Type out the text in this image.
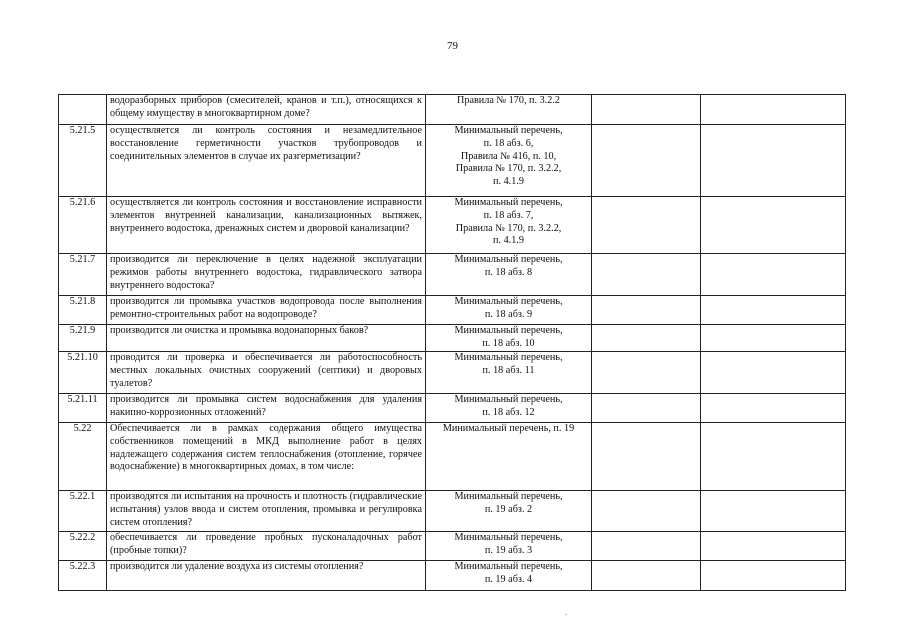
79
	водоразборных приборов (смесителей, кранов и т.п.), относящихся к общему имуществу в многоквартирном доме?	Правила № 170, п. 3.2.2		
5.21.5	осуществляется ли контроль состояния и незамедлительное восстановление герметичности участков трубопроводов и соединительных элементов в случае их разгерметизации?	Минимальный перечень,
п. 18 абз. 6,
Правила № 416, п. 10,
Правила № 170, п. 3.2.2,
п. 4.1.9		
5.21.6	осуществляется ли контроль состояния и восстановление исправности элементов внутренней канализации, канализационных вытяжек, внутреннего водостока, дренажных систем и дворовой канализации?	Минимальный перечень,
п. 18 абз. 7,
Правила № 170, п. 3.2.2,
п. 4.1.9		
5.21.7	производится ли переключение в целях надежной эксплуатации режимов работы внутреннего водостока, гидравлического затвора внутреннего водостока?	Минимальный перечень,
п. 18 абз. 8		
5.21.8	производится ли промывка участков водопровода после выполнения ремонтно-строительных работ на водопроводе?	Минимальный перечень,
п. 18 абз. 9		
5.21.9	производится ли очистка и промывка водонапорных баков?	Минимальный перечень,
п. 18 абз. 10		
5.21.10	проводится ли проверка и обеспечивается ли работоспособность местных локальных очистных сооружений (септики) и дворовых туалетов?	Минимальный перечень,
п. 18 абз. 11		
5.21.11	производится ли промывка систем водоснабжения для удаления накипно-коррозионных отложений?	Минимальный перечень,
п. 18 абз. 12		
5.22	Обеспечивается ли в рамках содержания общего имущества собственников помещений в МКД выполнение работ в целях надлежащего содержания систем теплоснабжения (отопление, горячее водоснабжение) в многоквартирных домах, в том числе:	Минимальный перечень, п. 19		
5.22.1	производятся ли испытания на прочность и плотность (гидравлические испытания) узлов ввода и систем отопления, промывка и регулировка систем отопления?	Минимальный перечень,
п. 19 абз. 2		
5.22.2	обеспечивается ли проведение пробных пусконаладочных работ (пробные топки)?	Минимальный перечень,
п. 19 абз. 3		
5.22.3	производится ли удаление воздуха из системы отопления?	Минимальный перечень,
п. 19 абз. 4		
.
